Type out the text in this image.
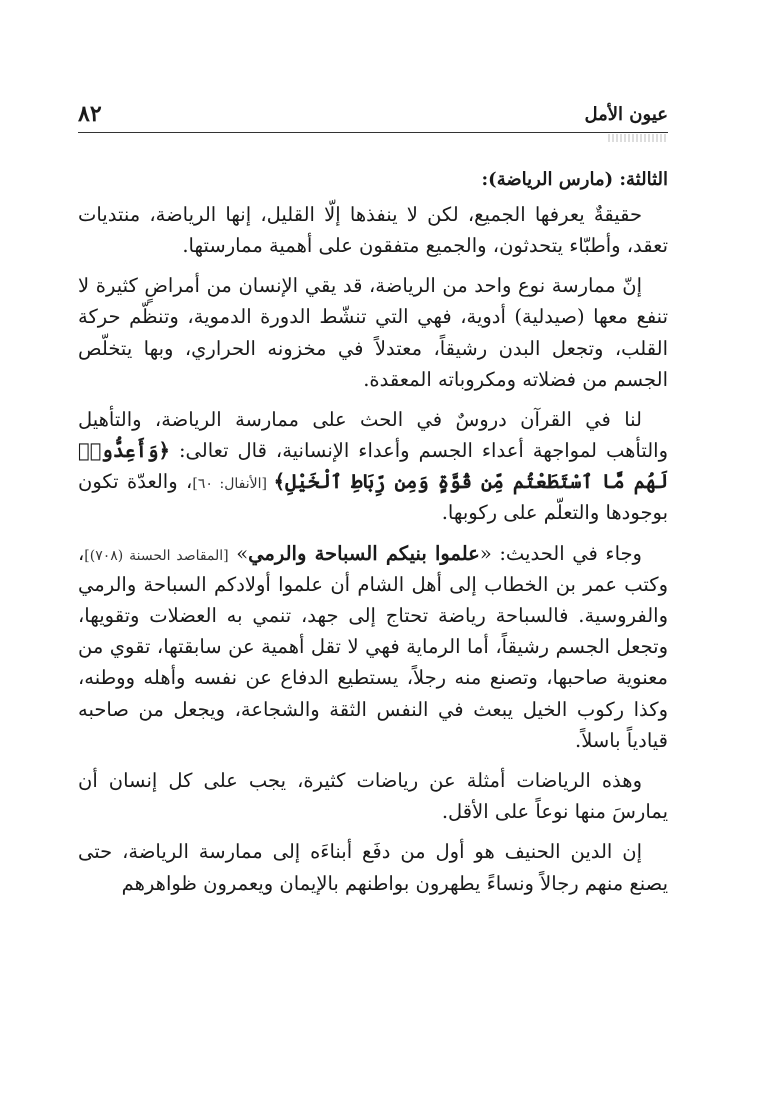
٨٢	عيون الأمل

الثالثة: (مارس الرياضة):

حقيقةٌ يعرفها الجميع، لكن لا ينفذها إلّا القليل، إنها الرياضة، منتديات تعقد، وأطبّاء يتحدثون، والجميع متفقون على أهمية ممارستها.

إنّ ممارسة نوع واحد من الرياضة، قد يقي الإنسان من أمراضٍ كثيرة لا تنفع معها (صيدلية) أدوية، فهي التي تنشّط الدورة الدموية، وتنظّم حركة القلب، وتجعل البدن رشيقاً، معتدلاً في مخزونه الحراري، وبها يتخلّص الجسم من فضلاته ومكروباته المعقدة.

لنا في القرآن دروسٌ في الحث على ممارسة الرياضة، والتأهيل والتأهب لمواجهة أعداء الجسم وأعداء الإنسانية، قال تعالى: ﴿وَأَعِدُّوا۟ لَهُم مَّا ٱسْتَطَعْتُم مِّن قُوَّةٍ وَمِن رِّبَاطِ ٱلْخَيْلِ﴾ [الأنفال: ٦٠]، والعدّة تكون بوجودها والتعلّم على ركوبها.

وجاء في الحديث: «علموا بنيكم السباحة والرمي» [المقاصد الحسنة (٧٠٨)]، وكتب عمر بن الخطاب إلى أهل الشام أن علموا أولادكم السباحة والرمي والفروسية. فالسباحة رياضة تحتاج إلى جهد، تنمي به العضلات وتقويها، وتجعل الجسم رشيقاً، أما الرماية فهي لا تقل أهمية عن سابقتها، تقوي من معنوية صاحبها، وتصنع منه رجلاً، يستطيع الدفاع عن نفسه وأهله ووطنه، وكذا ركوب الخيل يبعث في النفس الثقة والشجاعة، ويجعل من صاحبه قيادياً باسلاً.

وهذه الرياضات أمثلة عن رياضات كثيرة، يجب على كل إنسان أن يمارسَ منها نوعاً على الأقل.

إن الدين الحنيف هو أول من دفَع أبناءَه إلى ممارسة الرياضة، حتى يصنع منهم رجالاً ونساءً يطهرون بواطنهم بالإيمان ويعمرون ظواهرهم
